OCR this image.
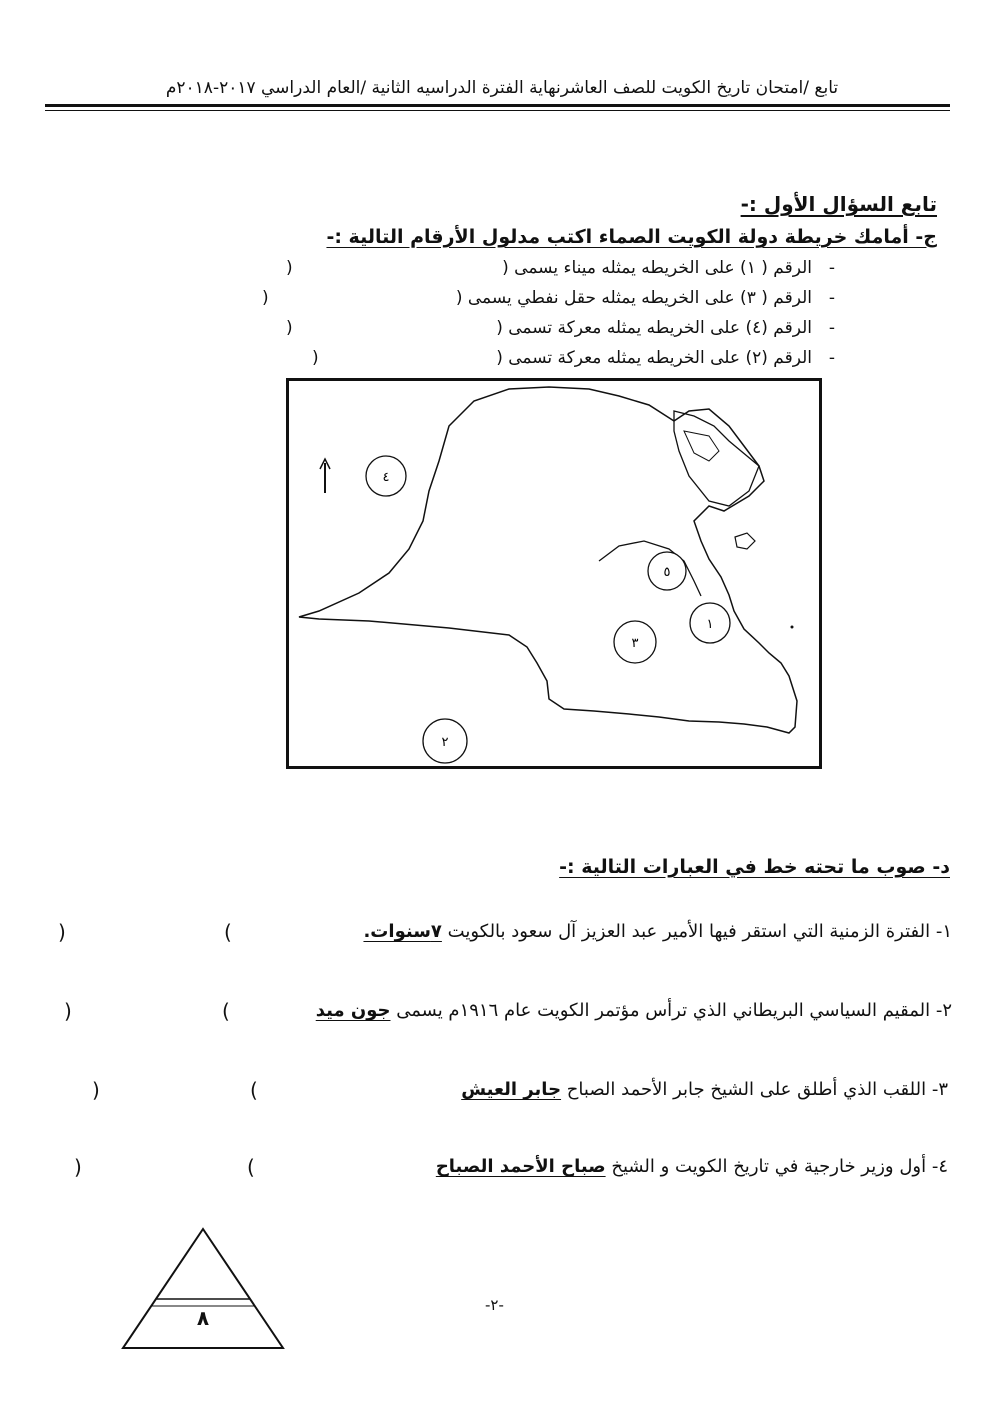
تابع /امتحان تاريخ الكويت للصف العاشرنهاية الفترة الدراسيه الثانية /العام الدراسي ٢٠١٧-٢٠١٨م
تابع السؤال الأول :-
ج- أمامك خريطة دولة الكويت الصماء اكتب مدلول الأرقام التالية :-
-الرقم ( ١) على الخريطه يمثله ميناء يسمى (
)
-الرقم ( ٣) على الخريطه يمثله حقل نفطي يسمى (
)
-الرقم (٤) على الخريطه يمثله معركة تسمى (
)
-الرقم (٢) على الخريطه يمثله معركة تسمى (
)
٤
٥
١
٣
٢
د- صوب ما تحته خط في العبارات التالية :-
١- الفترة الزمنية التي استقر فيها الأمير عبد العزيز آل سعود بالكويت ٧سنوات.
(
)
٢- المقيم السياسي البريطاني الذي ترأس مؤتمر الكويت عام ١٩١٦م يسمى جون ميد
(
)
٣- اللقب الذي أطلق على الشيخ جابر الأحمد الصباح جابر العيش
(
)
٤- أول وزير خارجية في تاريخ الكويت و الشيخ صباح الأحمد الصباح
(
)
٨
-٢-
